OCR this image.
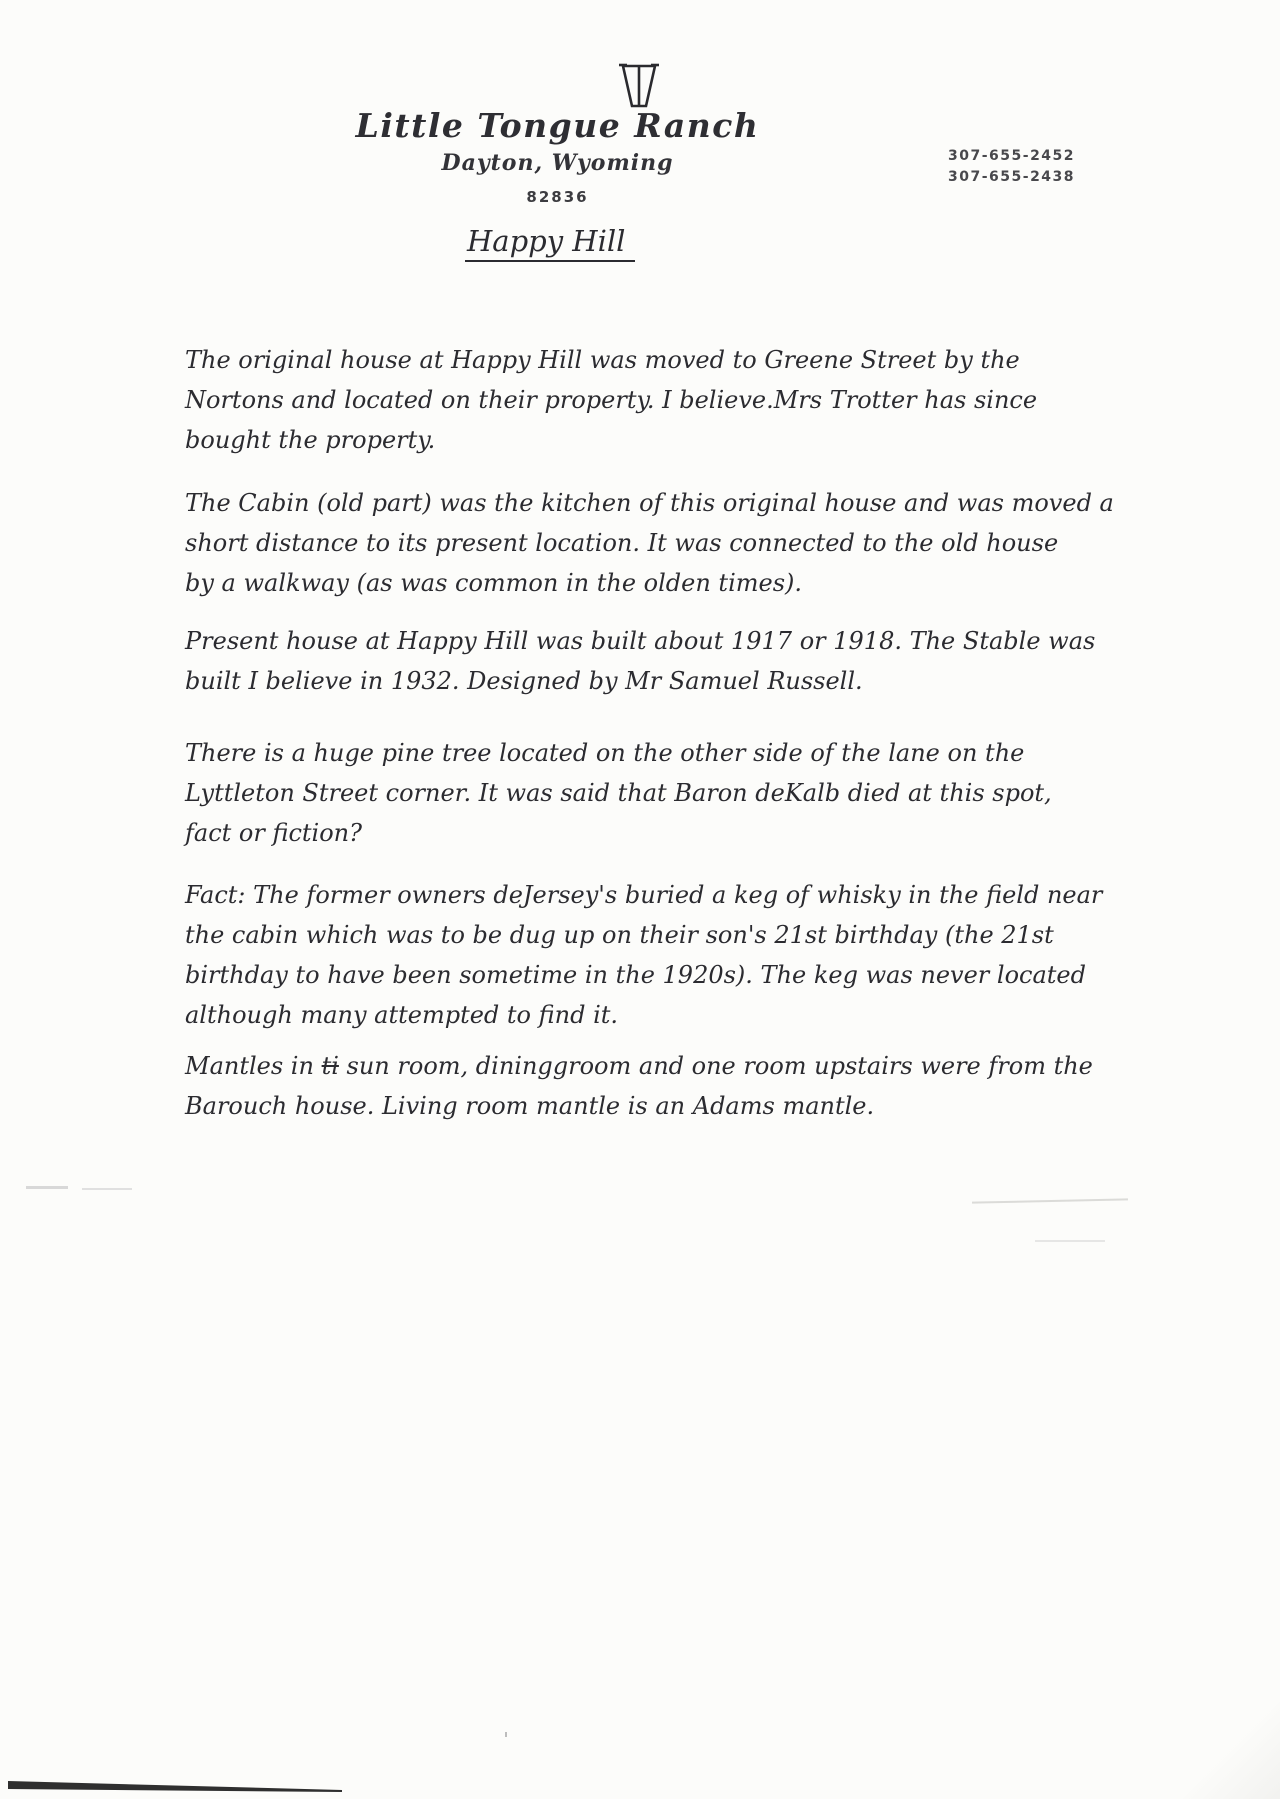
Little Tongue Ranch
Dayton, Wyoming
82836
307-655-2452
307-655-2438
Happy Hill
The original house at Happy Hill was moved to Greene Street by the
Nortons and located on their property. I believe.Mrs Trotter has since
bought the property.
The Cabin (old part) was the kitchen of this original house and was moved a
short distance to its present location. It was connected to the old house
by a walkway (as was common in the olden times).
Present house at Happy Hill was built about 1917 or 1918. The Stable was
built I believe in 1932. Designed by Mr Samuel Russell.
There is a huge pine tree located on the other side of the lane on the
Lyttleton Street corner. It was said that Baron deKalb died at this spot,
fact or fiction?
Fact: The former owners deJersey's buried a keg of whisky in the field near
the cabin which was to be dug up on their son's 21st birthday (the 21st
birthday to have been sometime in the 1920s). The keg was never located
although many attempted to find it.
Mantles in ti sun room, dininggroom and one room upstairs were from the
Barouch house. Living room mantle is an Adams mantle.
